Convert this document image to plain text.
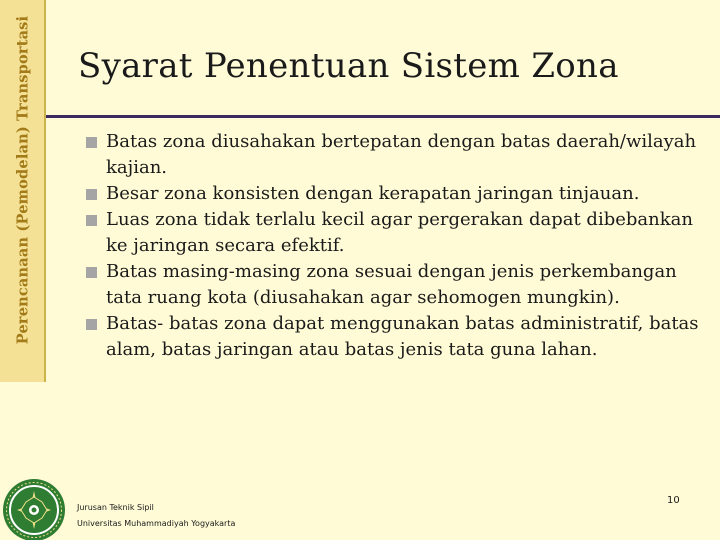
Perencanaan (Pemodelan) Transportasi Syarat Penentuan Sistem Zona
Batas zona diusahakan bertepatan dengan batas daerah/wilayah kajian.
Besar zona konsisten dengan kerapatan jaringan tinjauan.
Luas zona tidak terlalu kecil agar pergerakan dapat dibebankan ke jaringan secara efektif.
Batas masing-masing zona sesuai dengan jenis perkembangan tata ruang kota (diusahakan agar sehomogen mungkin).
Batas- batas zona dapat menggunakan batas administratif, batas alam, batas jaringan atau batas jenis tata guna lahan.
Jurusan Teknik Sipil
Universitas Muhammadiyah Yogyakarta
10
